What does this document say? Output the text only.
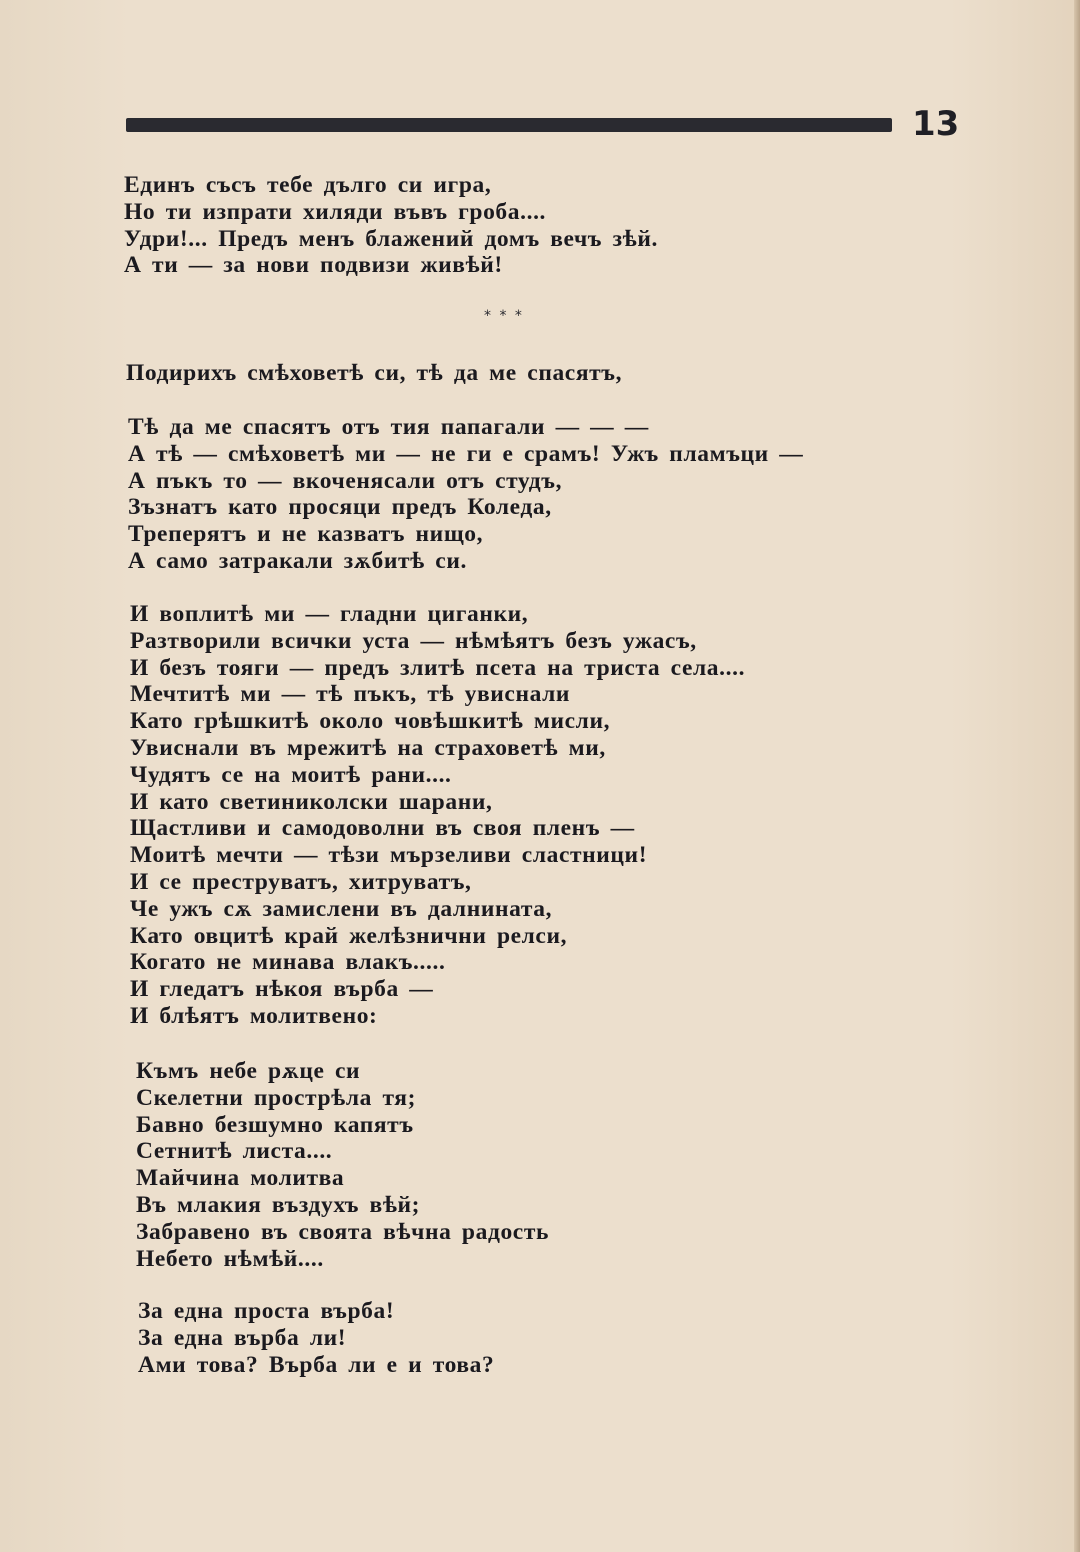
13
Единъ съсъ тебе дълго си игра,
Но ти изпрати хиляди въвъ гроба....
Удри!... Предъ менъ блажений домъ вечъ зѣй.
А ти — за нови подвизи живѣй!
* * *
Подирихъ смѣховетѣ си, тѣ да ме спасятъ,
Тѣ да ме спасятъ отъ тия папагали — — —
А тѣ — смѣховетѣ ми — не ги е срамъ! Ужъ пламъци —
А пъкъ то — вкоченясали отъ студъ,
Зъзнатъ като просяци предъ Коледа,
Треперятъ и не казватъ нищо,
А само затракали зѫбитѣ си.
И воплитѣ ми — гладни циганки,
Разтворили всички уста — нѣмѣятъ безъ ужасъ,
И безъ тояги — предъ злитѣ псета на триста села....
Мечтитѣ ми — тѣ пъкъ, тѣ увиснали
Като грѣшкитѣ около човѣшкитѣ мисли,
Увиснали въ мрежитѣ на страховетѣ ми,
Чудятъ се на моитѣ рани....
И като светиниколски шарани,
Щастливи и самодоволни въ своя пленъ —
Моитѣ мечти — тѣзи мързеливи сластници!
И се преструватъ, хитруватъ,
Че ужъ сѫ замислени въ далнината,
Като овцитѣ край желѣзнични релси,
Когато не минава влакъ.....
И гледатъ нѣкоя върба —
И блѣятъ молитвено:
Къмъ небе рѫце си
Скелетни прострѣла тя;
Бавно безшумно капятъ
Сетнитѣ листа....
Майчина молитва
Въ млакия въздухъ вѣй;
Забравено въ своята вѣчна радость
Небето нѣмѣй....
За една проста върба!
За една върба ли!
Ами това? Върба ли е и това?
